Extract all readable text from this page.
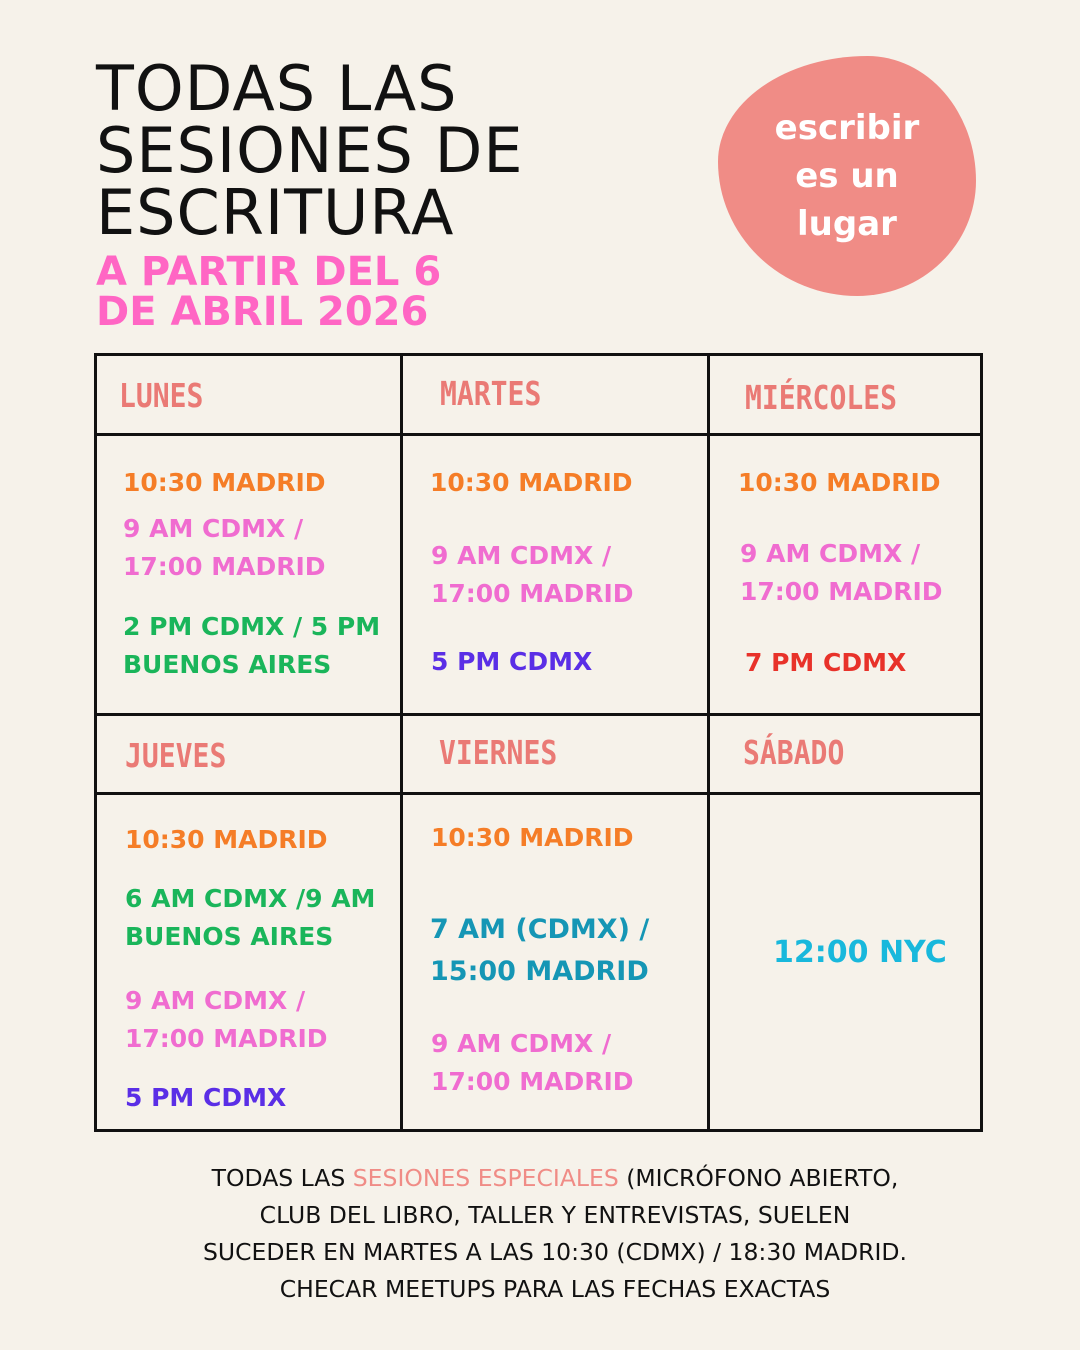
TODAS LAS
SESIONES DE
ESCRITURA
A PARTIR DEL 6
DE ABRIL 2026
escribir
es un
lugar
LUNES
10:30 MADRID
9 AM CDMX /
17:00 MADRID
2 PM CDMX / 5 PM
BUENOS AIRES
MARTES
10:30 MADRID
9 AM CDMX /
17:00 MADRID
5 PM CDMX
MIÉRCOLES
10:30 MADRID
9 AM CDMX /
17:00 MADRID
7 PM CDMX
JUEVES
10:30 MADRID
6 AM CDMX /9 AM
BUENOS AIRES
9 AM CDMX /
17:00 MADRID
5 PM CDMX
VIERNES
10:30 MADRID
7 AM (CDMX) /
15:00 MADRID
9 AM CDMX /
17:00 MADRID
SÁBADO
12:00 NYC

TODAS LAS SESIONES ESPECIALES (MICRÓFONO ABIERTO,
CLUB DEL LIBRO, TALLER Y ENTREVISTAS, SUELEN
SUCEDER EN MARTES A LAS 10:30 (CDMX) / 18:30 MADRID.
CHECAR MEETUPS PARA LAS FECHAS EXACTAS
